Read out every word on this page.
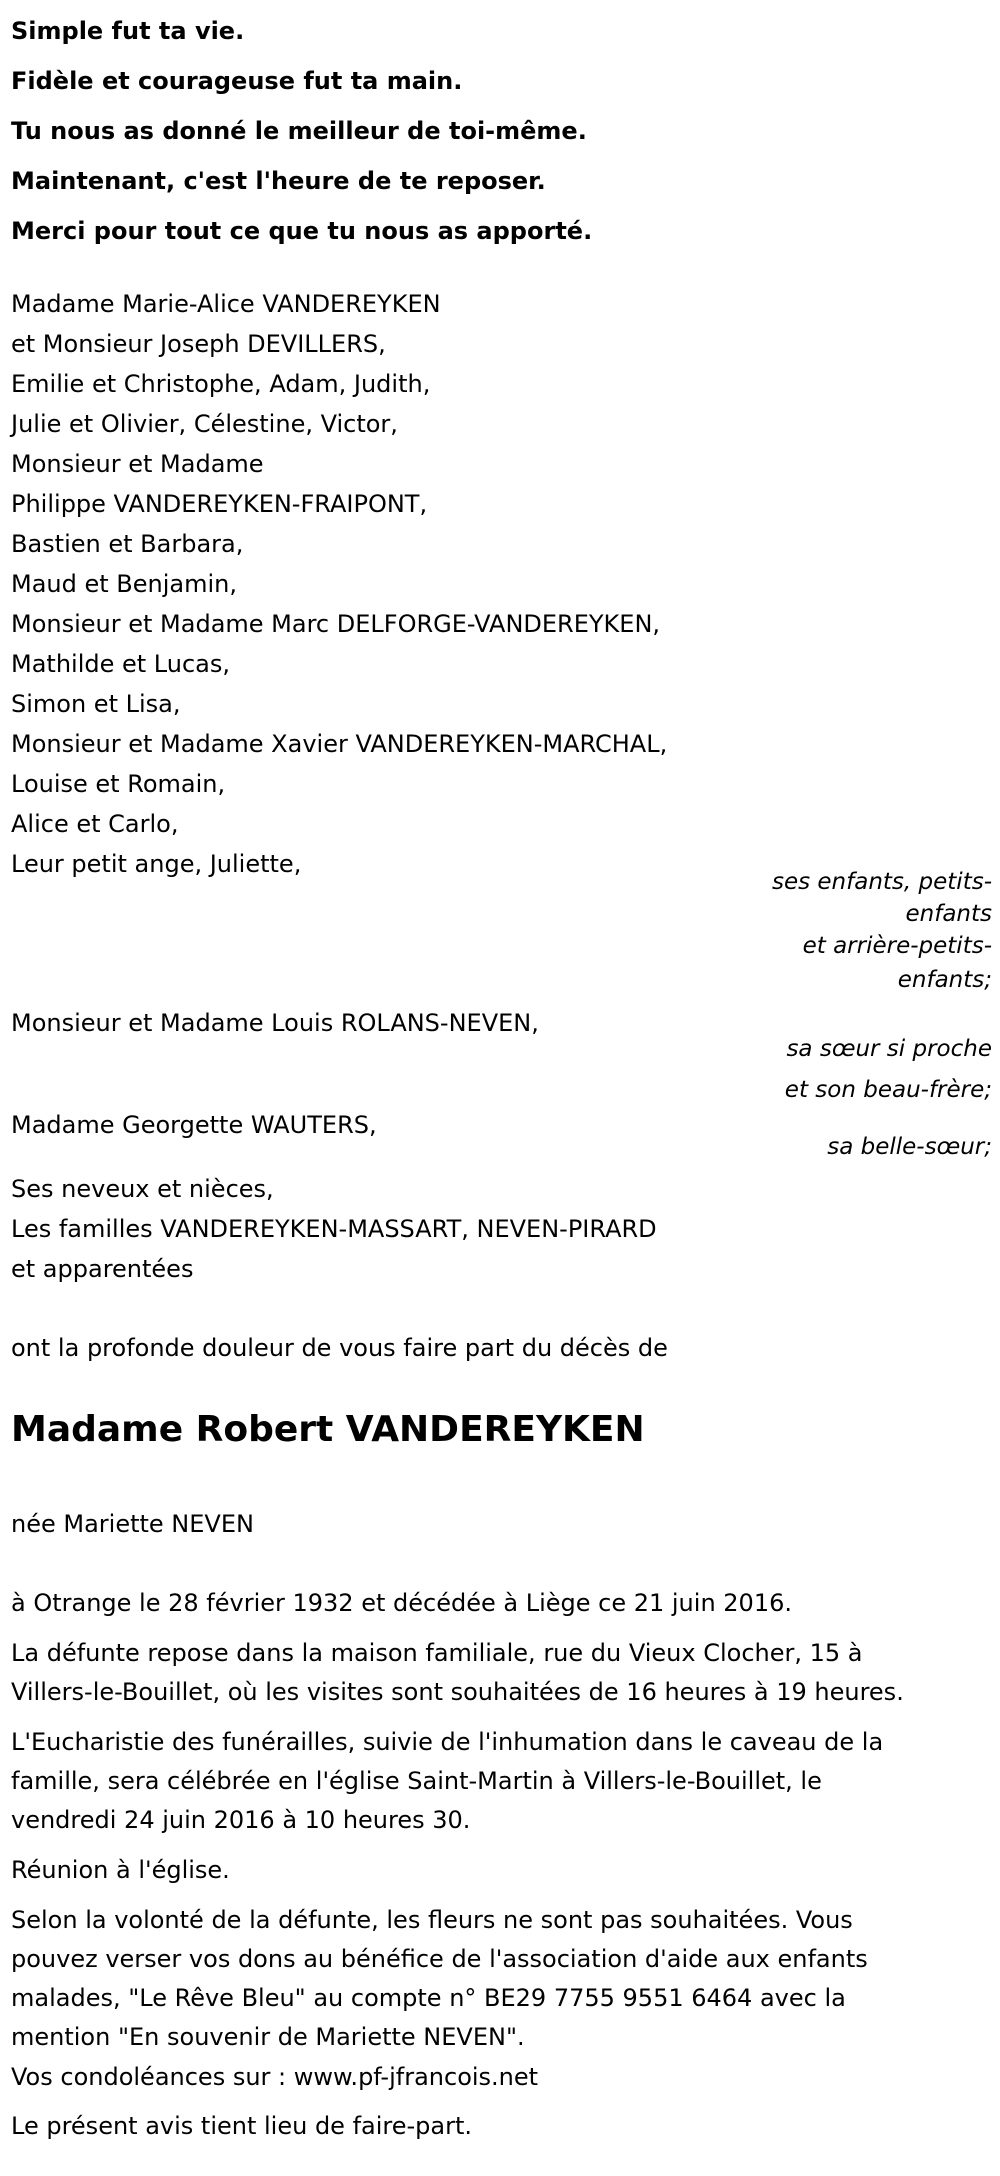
Simple fut ta vie.
Fidèle et courageuse fut ta main.
Tu nous as donné le meilleur de toi-même.
Maintenant, c'est l'heure de te reposer.
Merci pour tout ce que tu nous as apporté.
Madame Marie-Alice VANDEREYKEN
et Monsieur Joseph DEVILLERS,
Emilie et Christophe, Adam, Judith,
Julie et Olivier, Célestine, Victor,
Monsieur et Madame
Philippe VANDEREYKEN-FRAIPONT,
Bastien et Barbara,
Maud et Benjamin,
Monsieur et Madame Marc DELFORGE-VANDEREYKEN,
Mathilde et Lucas,
Simon et Lisa,
Monsieur et Madame Xavier VANDEREYKEN-MARCHAL,
Louise et Romain,
Alice et Carlo,
Leur petit ange, Juliette,
ses enfants, petits-
enfants
et arrière-petits-
enfants;
Monsieur et Madame Louis ROLANS-NEVEN,
sa sœur si proche
et son beau-frère;
Madame Georgette WAUTERS,
sa belle-sœur;
Ses neveux et nièces,
Les familles VANDEREYKEN-MASSART, NEVEN-PIRARD
et apparentées
ont la profonde douleur de vous faire part du décès de
Madame Robert VANDEREYKEN
née Mariette NEVEN
à Otrange le 28 février 1932 et décédée à Liège ce 21 juin 2016.
La défunte repose dans la maison familiale, rue du Vieux Clocher, 15 à
Villers-le-Bouillet, où les visites sont souhaitées de 16 heures à 19 heures.
L'Eucharistie des funérailles, suivie de l'inhumation dans le caveau de la
famille, sera célébrée en l'église Saint-Martin à Villers-le-Bouillet, le
vendredi 24 juin 2016 à 10 heures 30.
Réunion à l'église.
Selon la volonté de la défunte, les fleurs ne sont pas souhaitées. Vous
pouvez verser vos dons au bénéfice de l'association d'aide aux enfants
malades, "Le Rêve Bleu" au compte n° BE29 7755 9551 6464 avec la
mention "En souvenir de Mariette NEVEN".
Vos condoléances sur : www.pf-jfrancois.net
Le présent avis tient lieu de faire-part.
